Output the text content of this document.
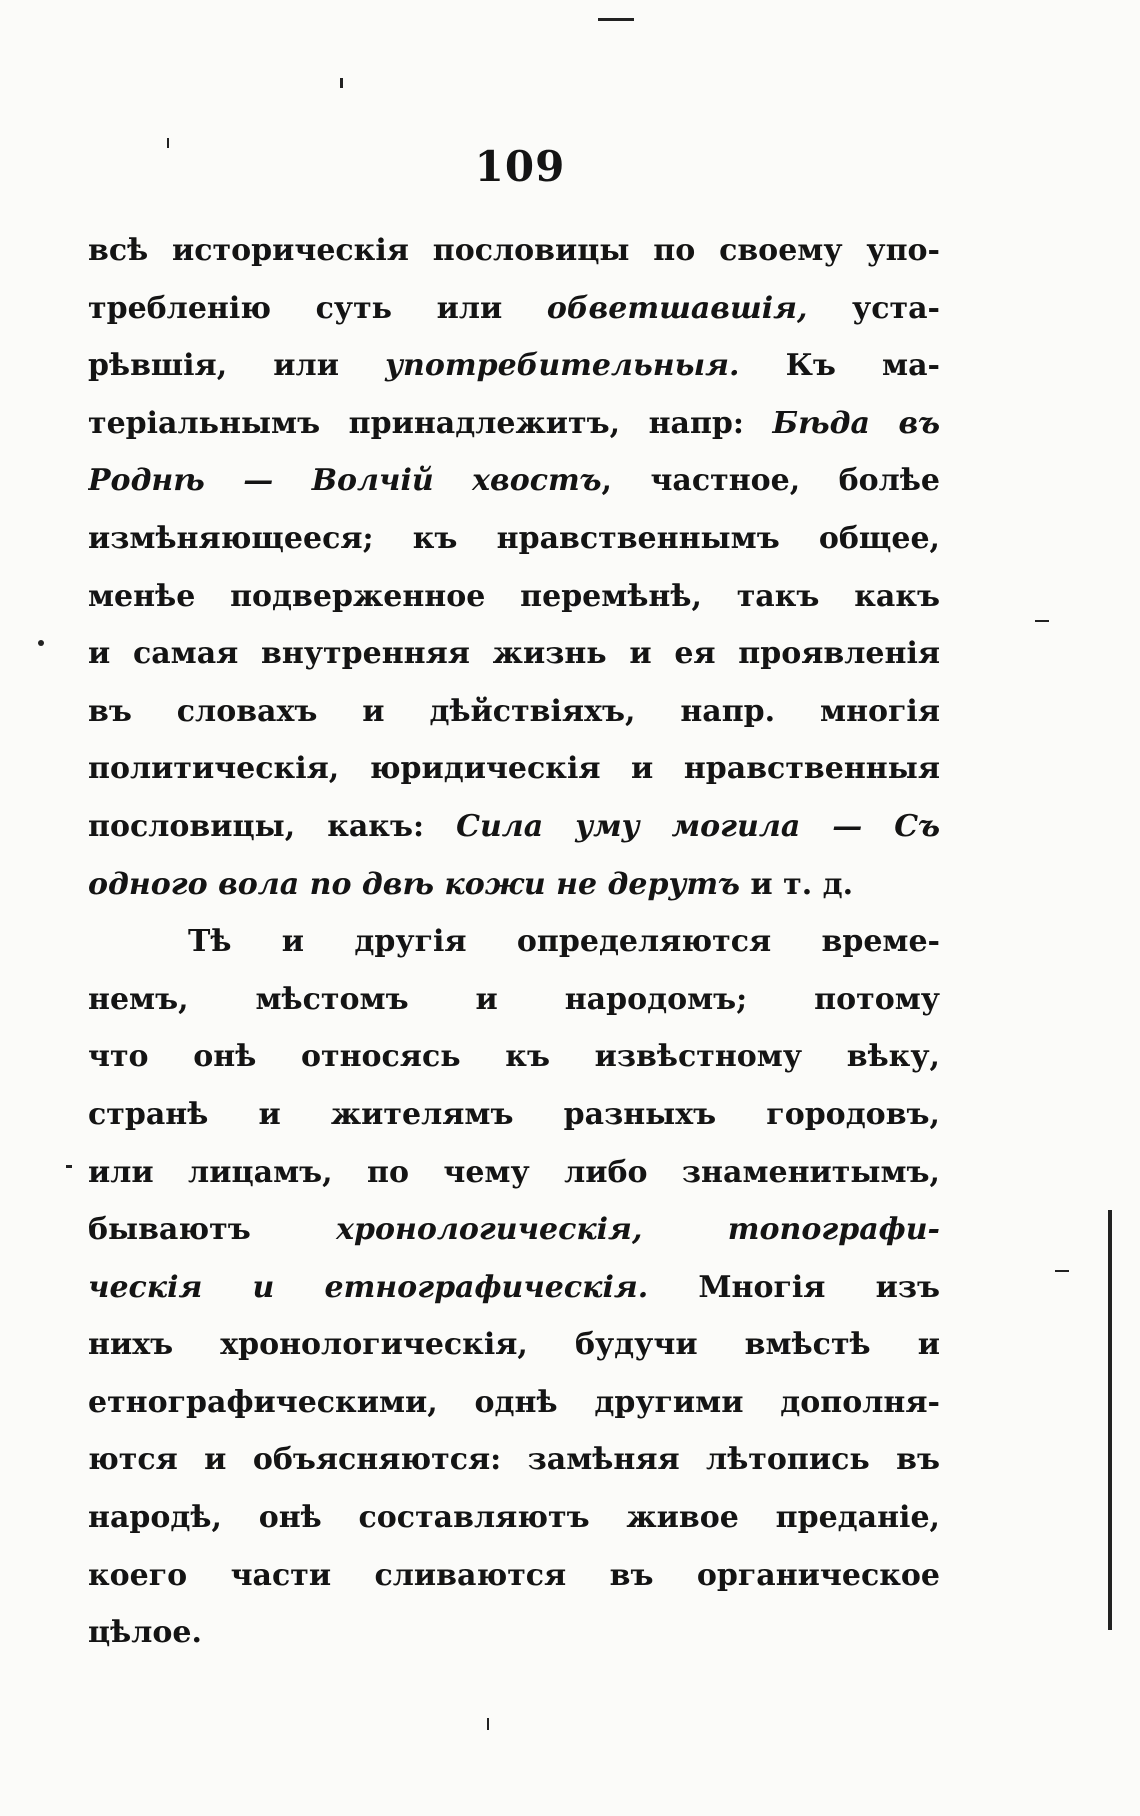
109
всѣ историческія пословицы по своему упо-
требленію суть или обветшавшія, уста-
рѣвшія, или употребительныя. Къ ма-
теріальнымъ принадлежитъ, напр: Бѣда въ
Роднѣ — Волчій хвостъ, частное, болѣе
измѣняющееся; къ нравственнымъ общее,
менѣе подверженное перемѣнѣ, такъ какъ
и самая внутренняя жизнь и ея проявленія
въ словахъ и дѣйствіяхъ, напр. многія
политическія, юридическія и нравственныя
пословицы, какъ: Сила уму могила — Съ
одного вола по двѣ кожи не дерутъ и т. д.
Тѣ и другія определяются време-
немъ, мѣстомъ и народомъ; потому
что онѣ относясь къ извѣстному вѣку,
странѣ и жителямъ разныхъ городовъ,
или лицамъ, по чему либо знаменитымъ,
бываютъ хронологическія, топографи-
ческія и етнографическія. Многія изъ
нихъ хронологическія, будучи вмѣстѣ и
етнографическими, однѣ другими дополня-
ются и объясняются: замѣняя лѣтопись въ
народѣ, онѣ составляютъ живое преданіе,
коего части сливаются въ органическое
цѣлое.
